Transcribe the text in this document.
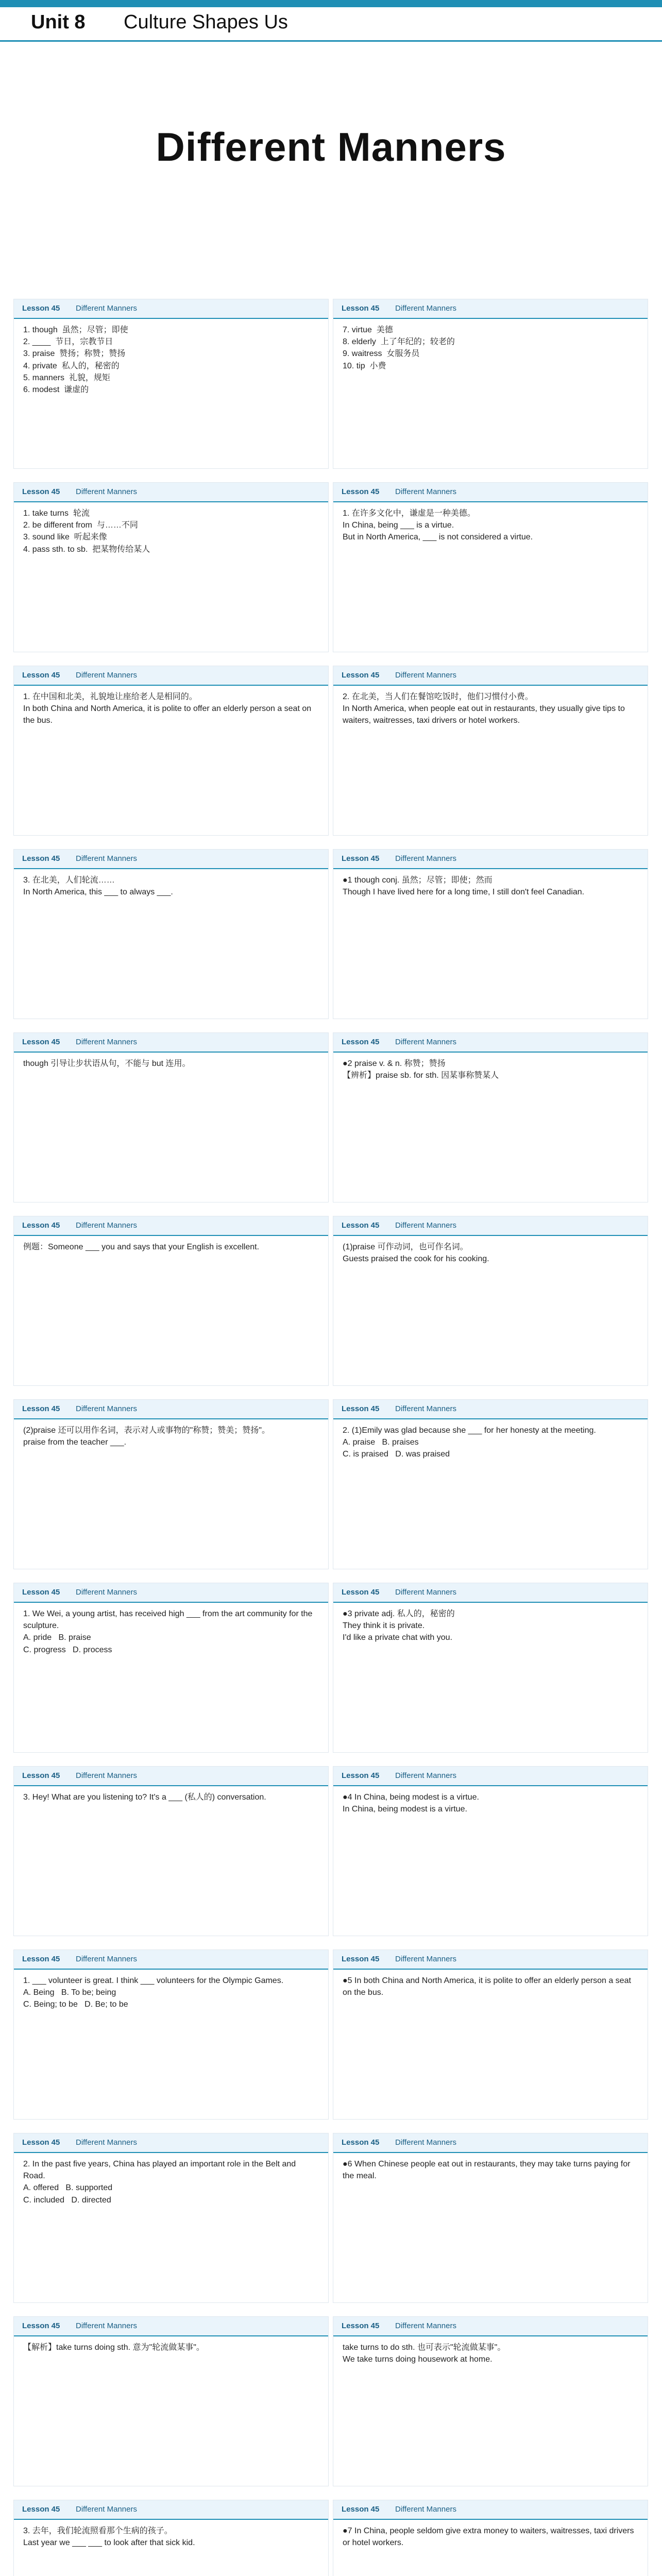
Unit 8 Culture Shapes Us
Different Manners
Lesson 45 Different Manners
1. though  虽然；尽管；即使
2. ____  节日，宗教节日
3. praise  赞扬；称赞；赞扬
4. private  私人的，秘密的
5. manners  礼貌，规矩
6. modest  谦虚的
Lesson 45 Different Manners
7. virtue  美德
8. elderly  上了年纪的；较老的
9. waitress  女服务员
10. tip  小费
Lesson 45 Different Manners
1. take turns  轮流
2. be different from  与……不同
3. sound like  听起来像
4. pass sth. to sb.  把某物传给某人
Lesson 45 Different Manners
1. 在许多文化中，谦虚是一种美德。
In China, being ___ is a virtue.
But in North America, ___ is not considered a virtue.
Lesson 45 Different Manners
1. 在中国和北美，礼貌地让座给老人是相同的。
In both China and North America, it is polite to offer an elderly person a seat on the bus.
Lesson 45 Different Manners
2. 在北美，当人们在餐馆吃饭时，他们习惯付小费。
In North America, when people eat out in restaurants, they usually give tips to waiters, waitresses, taxi drivers or hotel workers.
Lesson 45 Different Manners
3. 在北美，人们轮流……
In North America, this ___ to always ___.
Lesson 45 Different Manners
●1 though conj. 虽然；尽管；即使；然而
Though I have lived here for a long time, I still don't feel Canadian.
Lesson 45 Different Manners
though 引导让步状语从句，不能与 but 连用。
Lesson 45 Different Manners
●2 praise v. & n. 称赞；赞扬
【辨析】praise sb. for sth. 因某事称赞某人
Lesson 45 Different Manners
例题：Someone ___ you and says that your English is excellent.
Lesson 45 Different Manners
(1)praise 可作动词，也可作名词。
Guests praised the cook for his cooking.
Lesson 45 Different Manners
(2)praise 还可以用作名词，表示对人或事物的"称赞；赞美；赞扬"。
praise from the teacher ___.
Lesson 45 Different Manners
2. (1)Emily was glad because she ___ for her honesty at the meeting.
A. praise   B. praises
C. is praised   D. was praised
Lesson 45 Different Manners
1. We Wei, a young artist, has received high ___ from the art community for the sculpture.
A. pride   B. praise
C. progress   D. process
Lesson 45 Different Manners
●3 private adj. 私人的，秘密的
They think it is private.
I'd like a private chat with you.
Lesson 45 Different Manners
3. Hey! What are you listening to? It's a ___ (私人的) conversation.
Lesson 45 Different Manners
●4 In China, being modest is a virtue.
In China, being modest is a virtue.
Lesson 45 Different Manners
1. ___ volunteer is great. I think ___ volunteers for the Olympic Games.
A. Being   B. To be; being
C. Being; to be   D. Be; to be
Lesson 45 Different Manners
●5 In both China and North America, it is polite to offer an elderly person a seat on the bus.
Lesson 45 Different Manners
2. In the past five years, China has played an important role in the Belt and Road.
A. offered   B. supported
C. included   D. directed
Lesson 45 Different Manners
●6 When Chinese people eat out in restaurants, they may take turns paying for the meal.
Lesson 45 Different Manners
【解析】take turns doing sth. 意为"轮流做某事"。
Lesson 45 Different Manners
take turns to do sth. 也可表示"轮流做某事"。
We take turns doing housework at home.
Lesson 45 Different Manners
3. 去年，我们轮流照看那个生病的孩子。
Last year we ___ ___ to look after that sick kid.
Lesson 45 Different Manners
●7 In China, people seldom give extra money to waiters, waitresses, taxi drivers or hotel workers.
